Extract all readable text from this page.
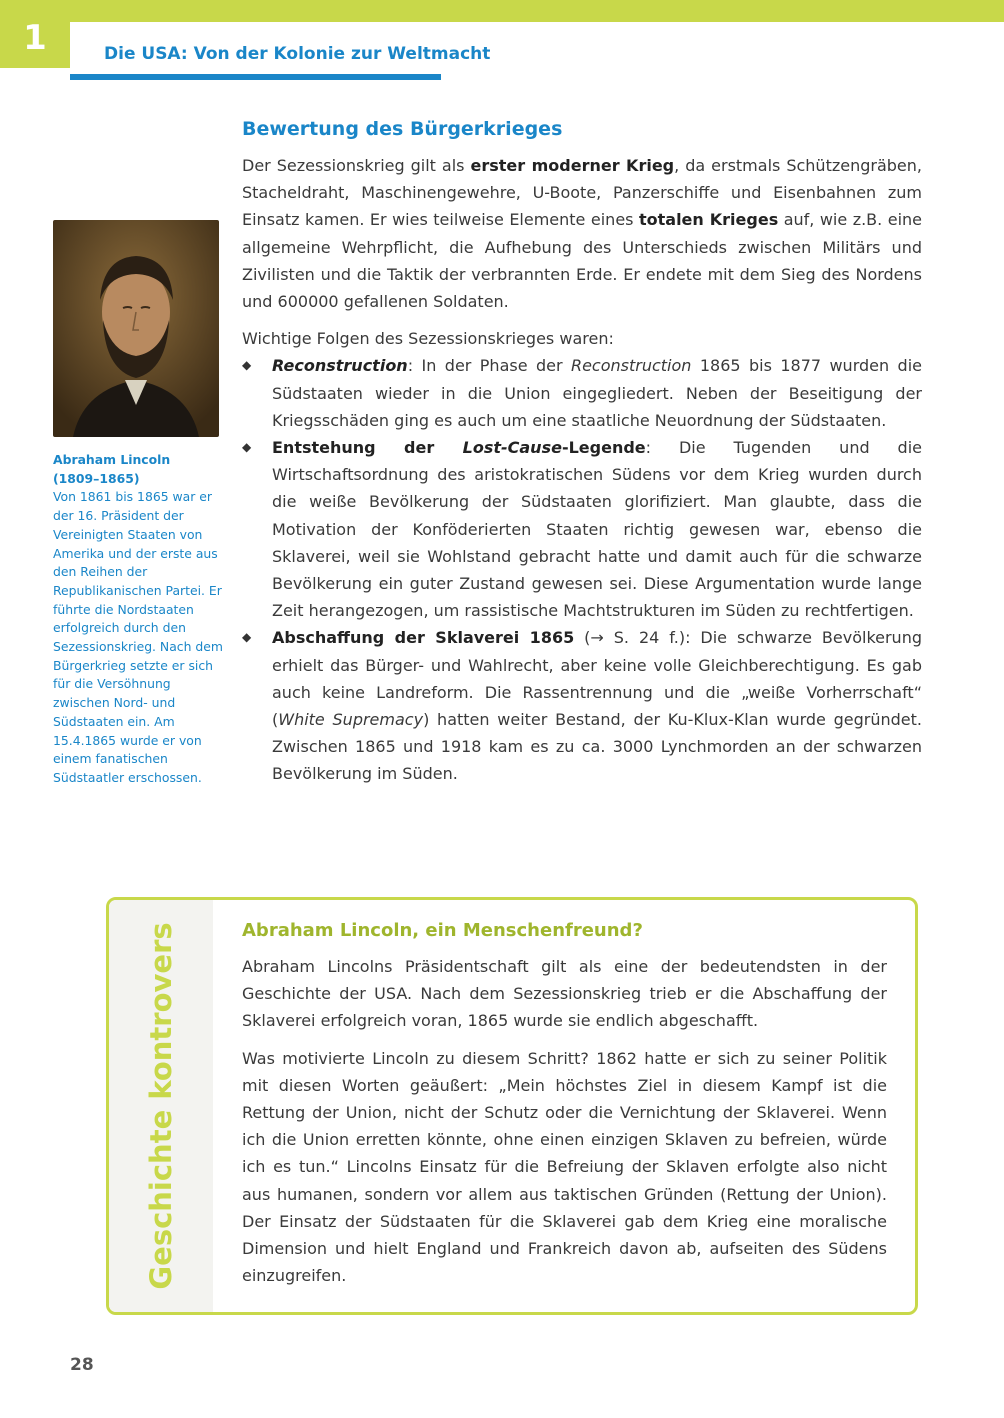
1	Die USA: Von der Kolonie zur Weltmacht
Abraham Lincoln
(1809–1865)
Von 1861 bis 1865 war er der 16. Präsident der Vereinigten Staaten von Amerika und der erste aus den Reihen der Republikanischen Partei. Er führte die Nordstaaten erfolgreich durch den Sezessionskrieg. Nach dem Bürgerkrieg setzte er sich für die Versöhnung zwischen Nord- und Südstaaten ein. Am 15.4.1865 wurde er von einem fanatischen Südstaatler erschossen.
Bewertung des Bürgerkrieges

Der Sezessionskrieg gilt als erster moderner Krieg, da erstmals Schützengräben, Stacheldraht, Maschinengewehre, U-Boote, Panzerschiffe und Eisenbahnen zum Einsatz kamen. Er wies teilweise Elemente eines totalen Krieges auf, wie z.B. eine allgemeine Wehrpflicht, die Aufhebung des Unterschieds zwischen Militärs und Zivilisten und die Taktik der verbrannten Erde. Er endete mit dem Sieg des Nordens und 600000 gefallenen Soldaten.

Wichtige Folgen des Sezessionskrieges waren:

◆ Reconstruction: In der Phase der Reconstruction 1865 bis 1877 wurden die Südstaaten wieder in die Union eingegliedert. Neben der Beseitigung der Kriegsschäden ging es auch um eine staatliche Neuordnung der Südstaaten.
◆ Entstehung der Lost-Cause-Legende: Die Tugenden und die Wirtschaftsordnung des aristokratischen Südens vor dem Krieg wurden durch die weiße Bevölkerung der Südstaaten glorifiziert. Man glaubte, dass die Motivation der Konföderierten Staaten richtig gewesen war, ebenso die Sklaverei, weil sie Wohlstand gebracht hatte und damit auch für die schwarze Bevölkerung ein guter Zustand gewesen sei. Diese Argumentation wurde lange Zeit herangezogen, um rassistische Machtstrukturen im Süden zu rechtfertigen.
◆ Abschaffung der Sklaverei 1865 (→ S. 24 f.): Die schwarze Bevölkerung erhielt das Bürger- und Wahlrecht, aber keine volle Gleichberechtigung. Es gab auch keine Landreform. Die Rassentrennung und die „weiße Vorherrschaft“ (White Supremacy) hatten weiter Bestand, der Ku-Klux-Klan wurde gegründet. Zwischen 1865 und 1918 kam es zu ca. 3000 Lynchmorden an der schwarzen Bevölkerung im Süden.
Geschichte kontrovers	Abraham Lincoln, ein Menschenfreund?

Abraham Lincolns Präsidentschaft gilt als eine der bedeutendsten in der Geschichte der USA. Nach dem Sezessionskrieg trieb er die Abschaffung der Sklaverei erfolgreich voran, 1865 wurde sie endlich abgeschafft.

Was motivierte Lincoln zu diesem Schritt? 1862 hatte er sich zu seiner Politik mit diesen Worten geäußert: „Mein höchstes Ziel in diesem Kampf ist die Rettung der Union, nicht der Schutz oder die Vernichtung der Sklaverei. Wenn ich die Union erretten könnte, ohne einen einzigen Sklaven zu befreien, würde ich es tun.“ Lincolns Einsatz für die Befreiung der Sklaven erfolgte also nicht aus humanen, sondern vor allem aus taktischen Gründen (Rettung der Union). Der Einsatz der Südstaaten für die Sklaverei gab dem Krieg eine moralische Dimension und hielt England und Frankreich davon ab, aufseiten des Südens einzugreifen.

28
